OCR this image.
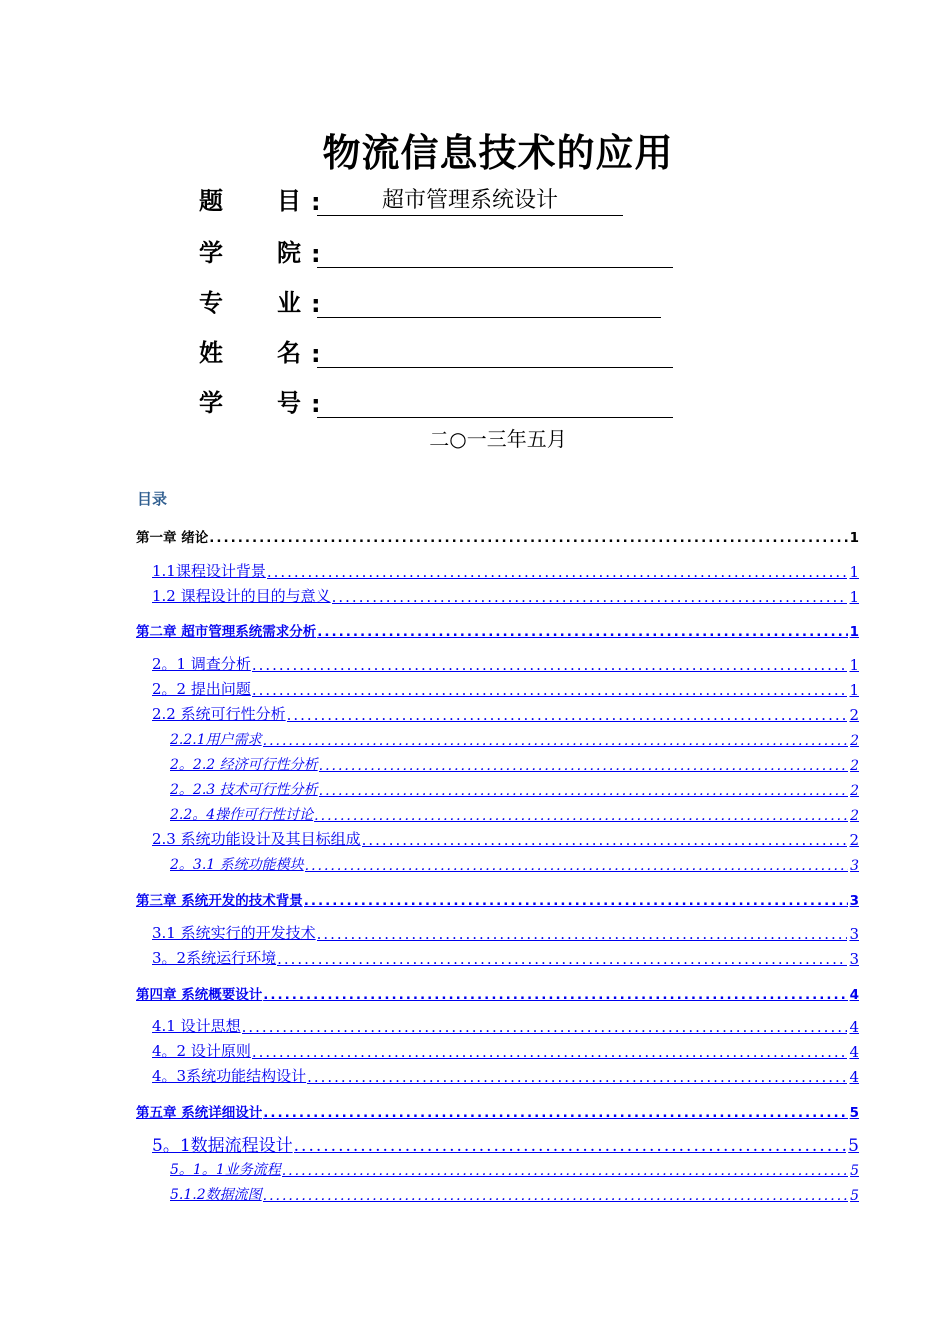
物流信息技术的应用
题	目 :	超市管理系统设计
学	院 :
专	业 :
姓	名 :
学	号 :

二○一三年五月

目录
第一章 绪论 .....	1
1.1课程设计背景 .....	1
1.2 课程设计的目的与意义 .....	1
第二章 超市管理系统需求分析 .....	1
2。1 调查分析 .....	1
2。2 提出问题 .....	1
2.2 系统可行性分析 .....	2
2.2.1用户需求 .....	2
2。2.2 经济可行性分析 .....	2
2。2.3 技术可行性分析 .....	2
2.2。4操作可行性讨论 .....	2
2.3 系统功能设计及其目标组成 .....	2
2。3.1 系统功能模块 .....	3
第三章 系统开发的技术背景 .....	3
3.1 系统实行的开发技术 .....	3
3。2系统运行环境 .....	3
第四章 系统概要设计 .....	4
4.1 设计思想 .....	4
4。2 设计原则 .....	4
4。3系统功能结构设计 .....	4
第五章 系统详细设计 .....	5
5。1数据流程设计 .....	5
5。1。1业务流程 .....	5
5.1.2数据流图 .....	5
